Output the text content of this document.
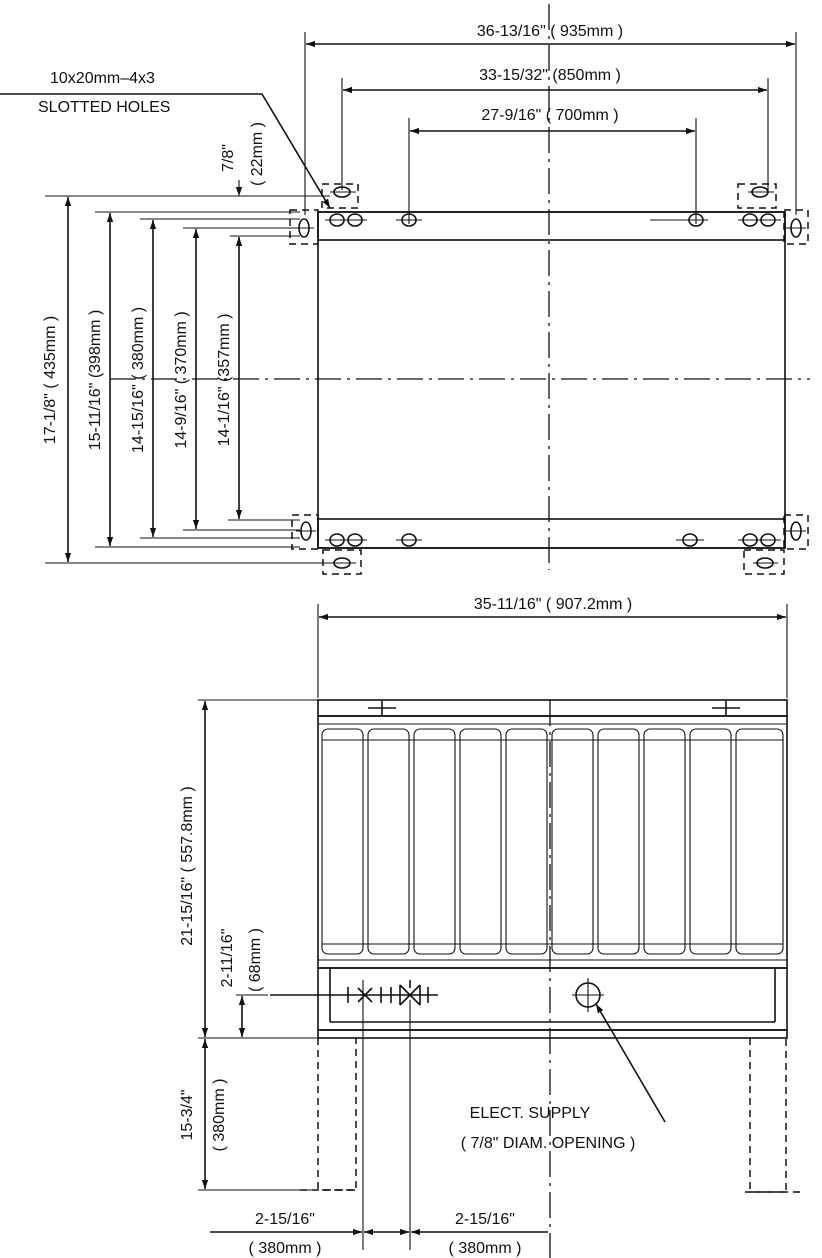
36-13/16" ( 935mm )
33-15/32" (850mm )
27-9/16" ( 700mm )
10x20mm–4x3
SLOTTED HOLES
7/8" ( 22mm )
17-1/8" ( 435mm ) 15-11/16" (398mm ) 14-15/16" ( 380mm ) 14-9/16" ( 370mm ) 14-1/16" (357mm )
35-11/16" ( 907.2mm )
21-15/16" ( 557.8mm )
2-11/16" ( 68mm )
15-3/4" ( 380mm )
2-15/16"
( 380mm )
2-15/16"
( 380mm )
ELECT. SUPPLY
( 7/8" DIAM. OPENING )
